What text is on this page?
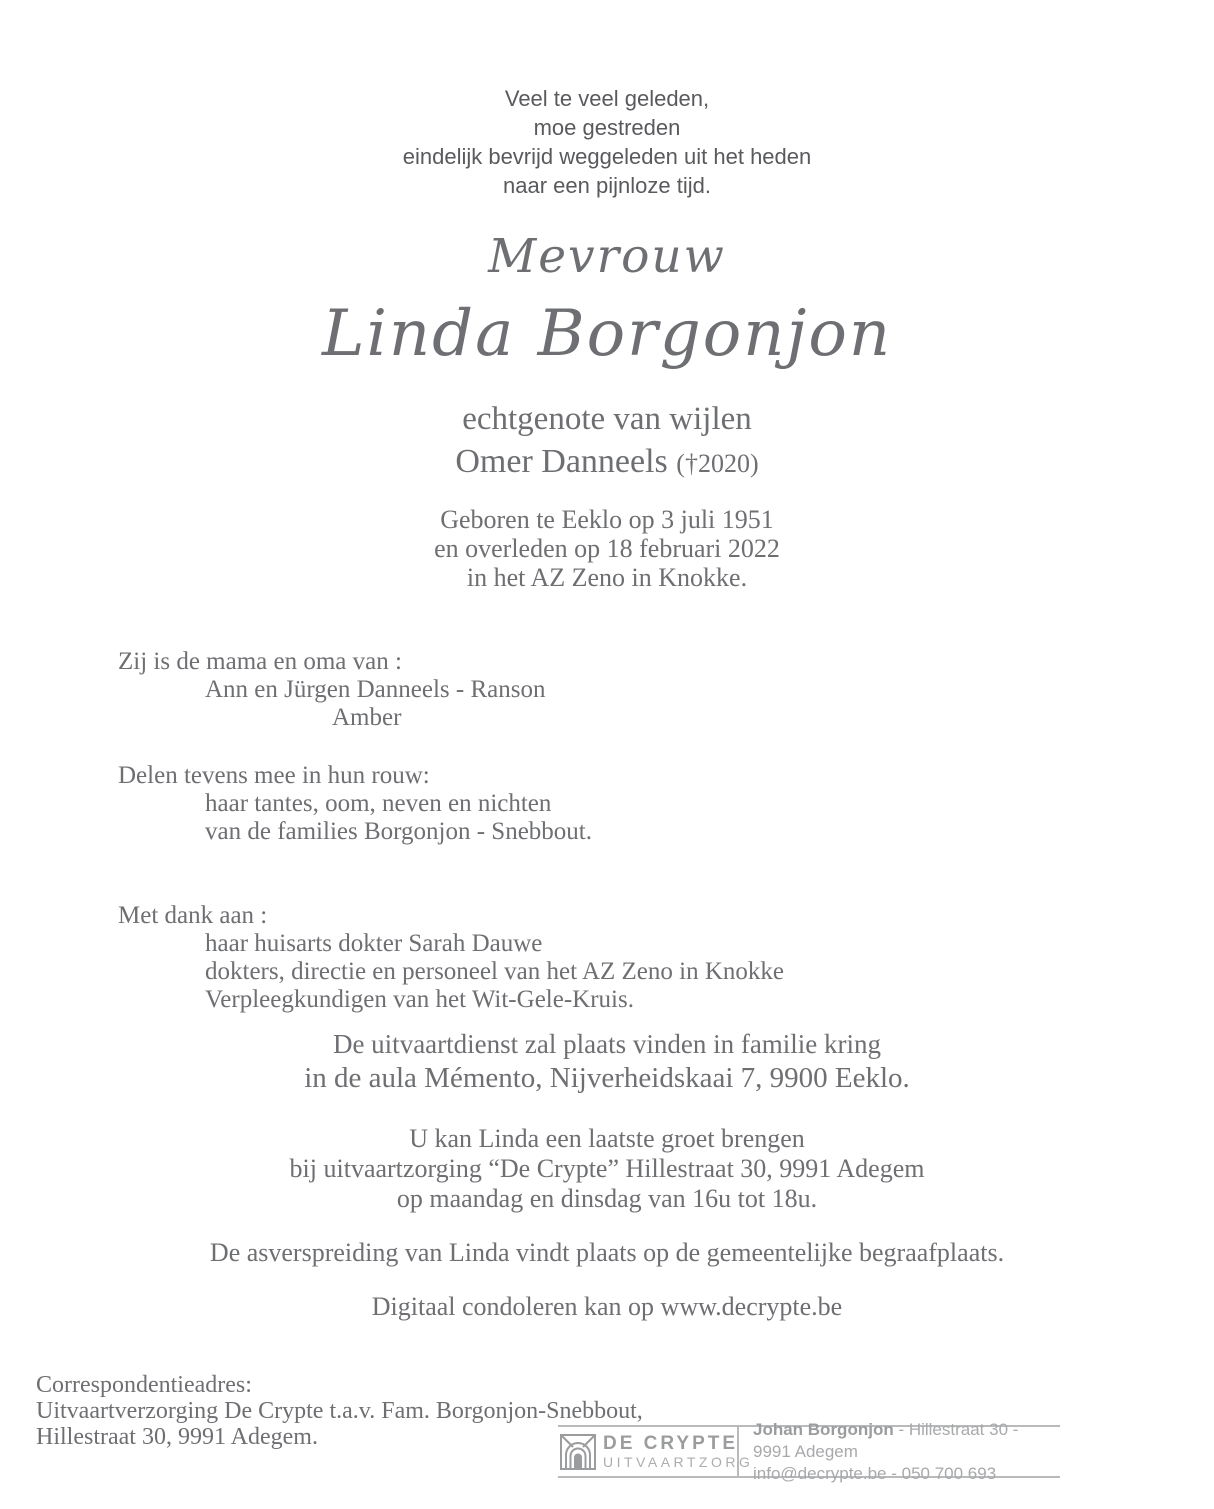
Veel te veel geleden,
moe gestreden
eindelijk bevrijd weggeleden uit het heden
naar een pijnloze tijd.
Mevrouw
Linda Borgonjon
echtgenote van wijlen
Omer Danneels (†2020)
Geboren te Eeklo op 3 juli 1951
en overleden op 18 februari 2022
in het AZ Zeno in Knokke.
Zij is de mama en oma van :
Ann en Jürgen Danneels - Ranson
Amber
Delen tevens mee in hun rouw:
haar tantes, oom, neven en nichten
van de families Borgonjon - Snebbout.
Met dank aan :
haar huisarts dokter Sarah Dauwe
dokters, directie en personeel van het AZ Zeno in Knokke
Verpleegkundigen van het Wit-Gele-Kruis.
De uitvaartdienst zal plaats vinden in familie kring
in de aula Mémento, Nijverheidskaai 7, 9900 Eeklo.
U kan Linda een laatste groet brengen
bij uitvaartzorging “De Crypte” Hillestraat 30, 9991 Adegem
op maandag en dinsdag van 16u tot 18u.
De asverspreiding van Linda vindt plaats op de gemeentelijke begraafplaats.
Digitaal condoleren kan op www.decrypte.be
Correspondentieadres:
Uitvaartverzorging De Crypte t.a.v. Fam. Borgonjon-Snebbout,
Hillestraat 30, 9991 Adegem.	DE CRYPTE
UITVAARTZORG
Johan Borgonjon - Hillestraat 30 - 9991 Adegem
info@decrypte.be - 050 700 693
